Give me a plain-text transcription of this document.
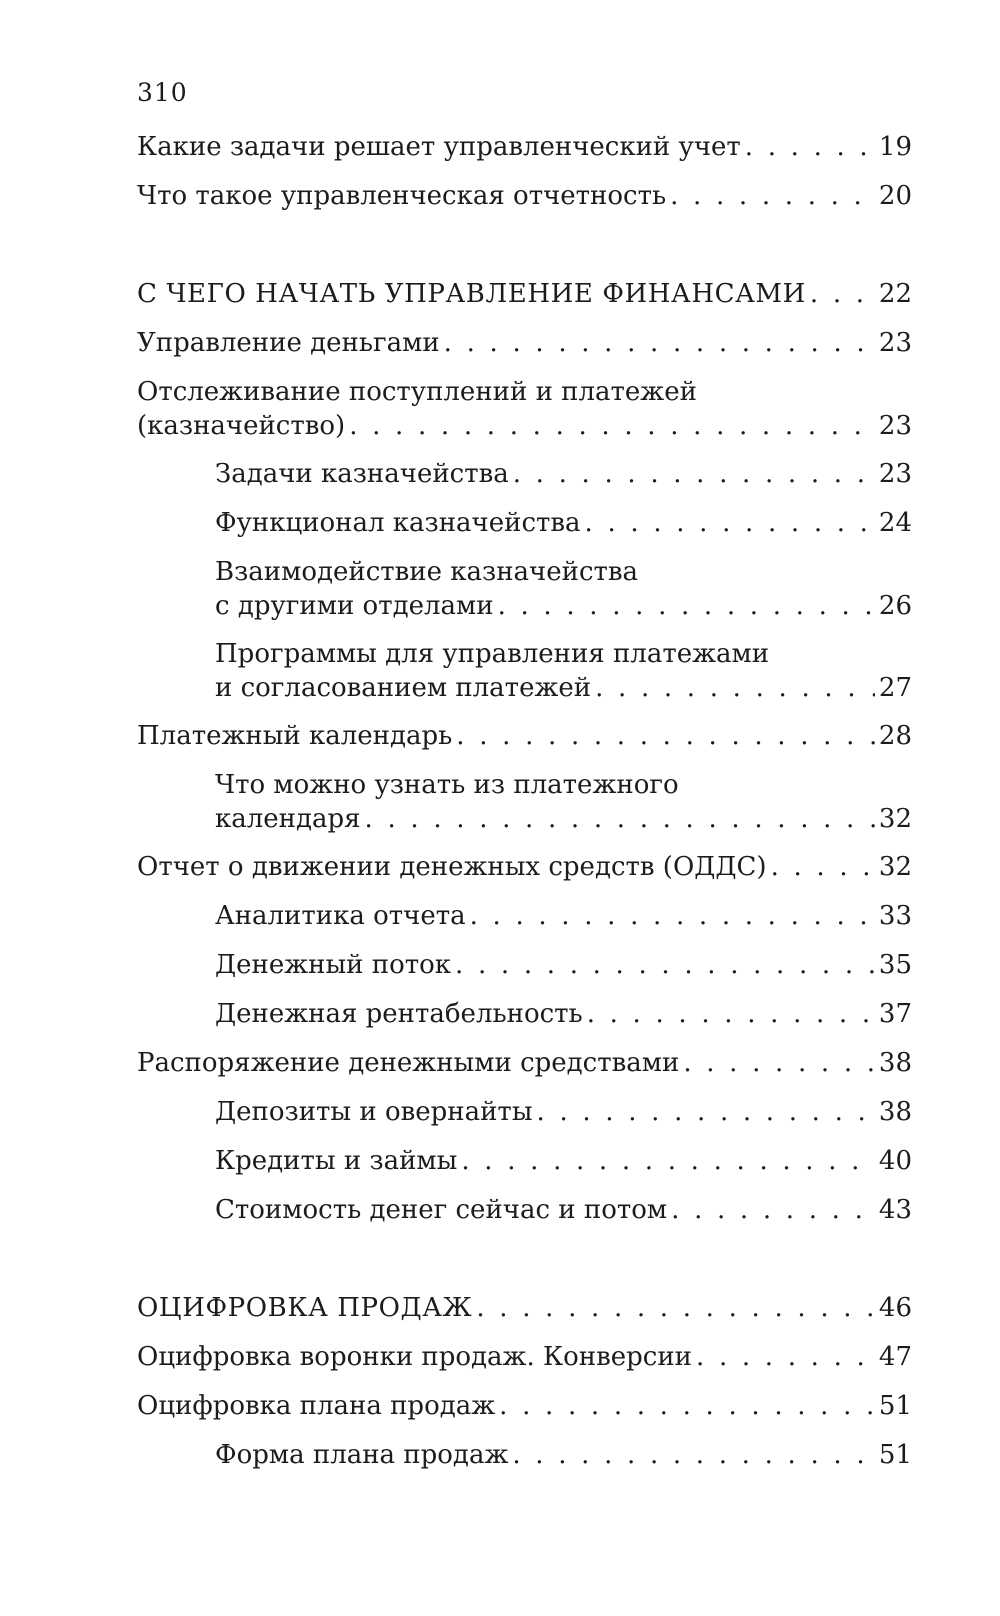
310
Какие задачи решает управленческий учет . . .	19
Что такое управленческая отчетность . . .	20
С ЧЕГО НАЧАТЬ УПРАВЛЕНИЕ ФИНАНСАМИ . . .	22
Управление деньгами . . .	23
Отслеживание поступлений и платежей
(казначейство) . . .	23
Задачи казначейства . . .	23
Функционал казначейства . . .	24
Взаимодействие казначейства
с другими отделами . . .	26
Программы для управления платежами
и согласованием платежей . . .	27
Платежный календарь . . .	28
Что можно узнать из платежного
календаря . . .	32
Отчет о движении денежных средств (ОДДС) . . .	32
Аналитика отчета . . .	33
Денежный поток . . .	35
Денежная рентабельность . . .	37
Распоряжение денежными средствами . . .	38
Депозиты и овернайты . . .	38
Кредиты и займы . . .	40
Стоимость денег сейчас и потом . . .	43
ОЦИФРОВКА ПРОДАЖ . . .	46
Оцифровка воронки продаж. Конверсии . . .	47
Оцифровка плана продаж . . .	51
Форма плана продаж . . .	51
